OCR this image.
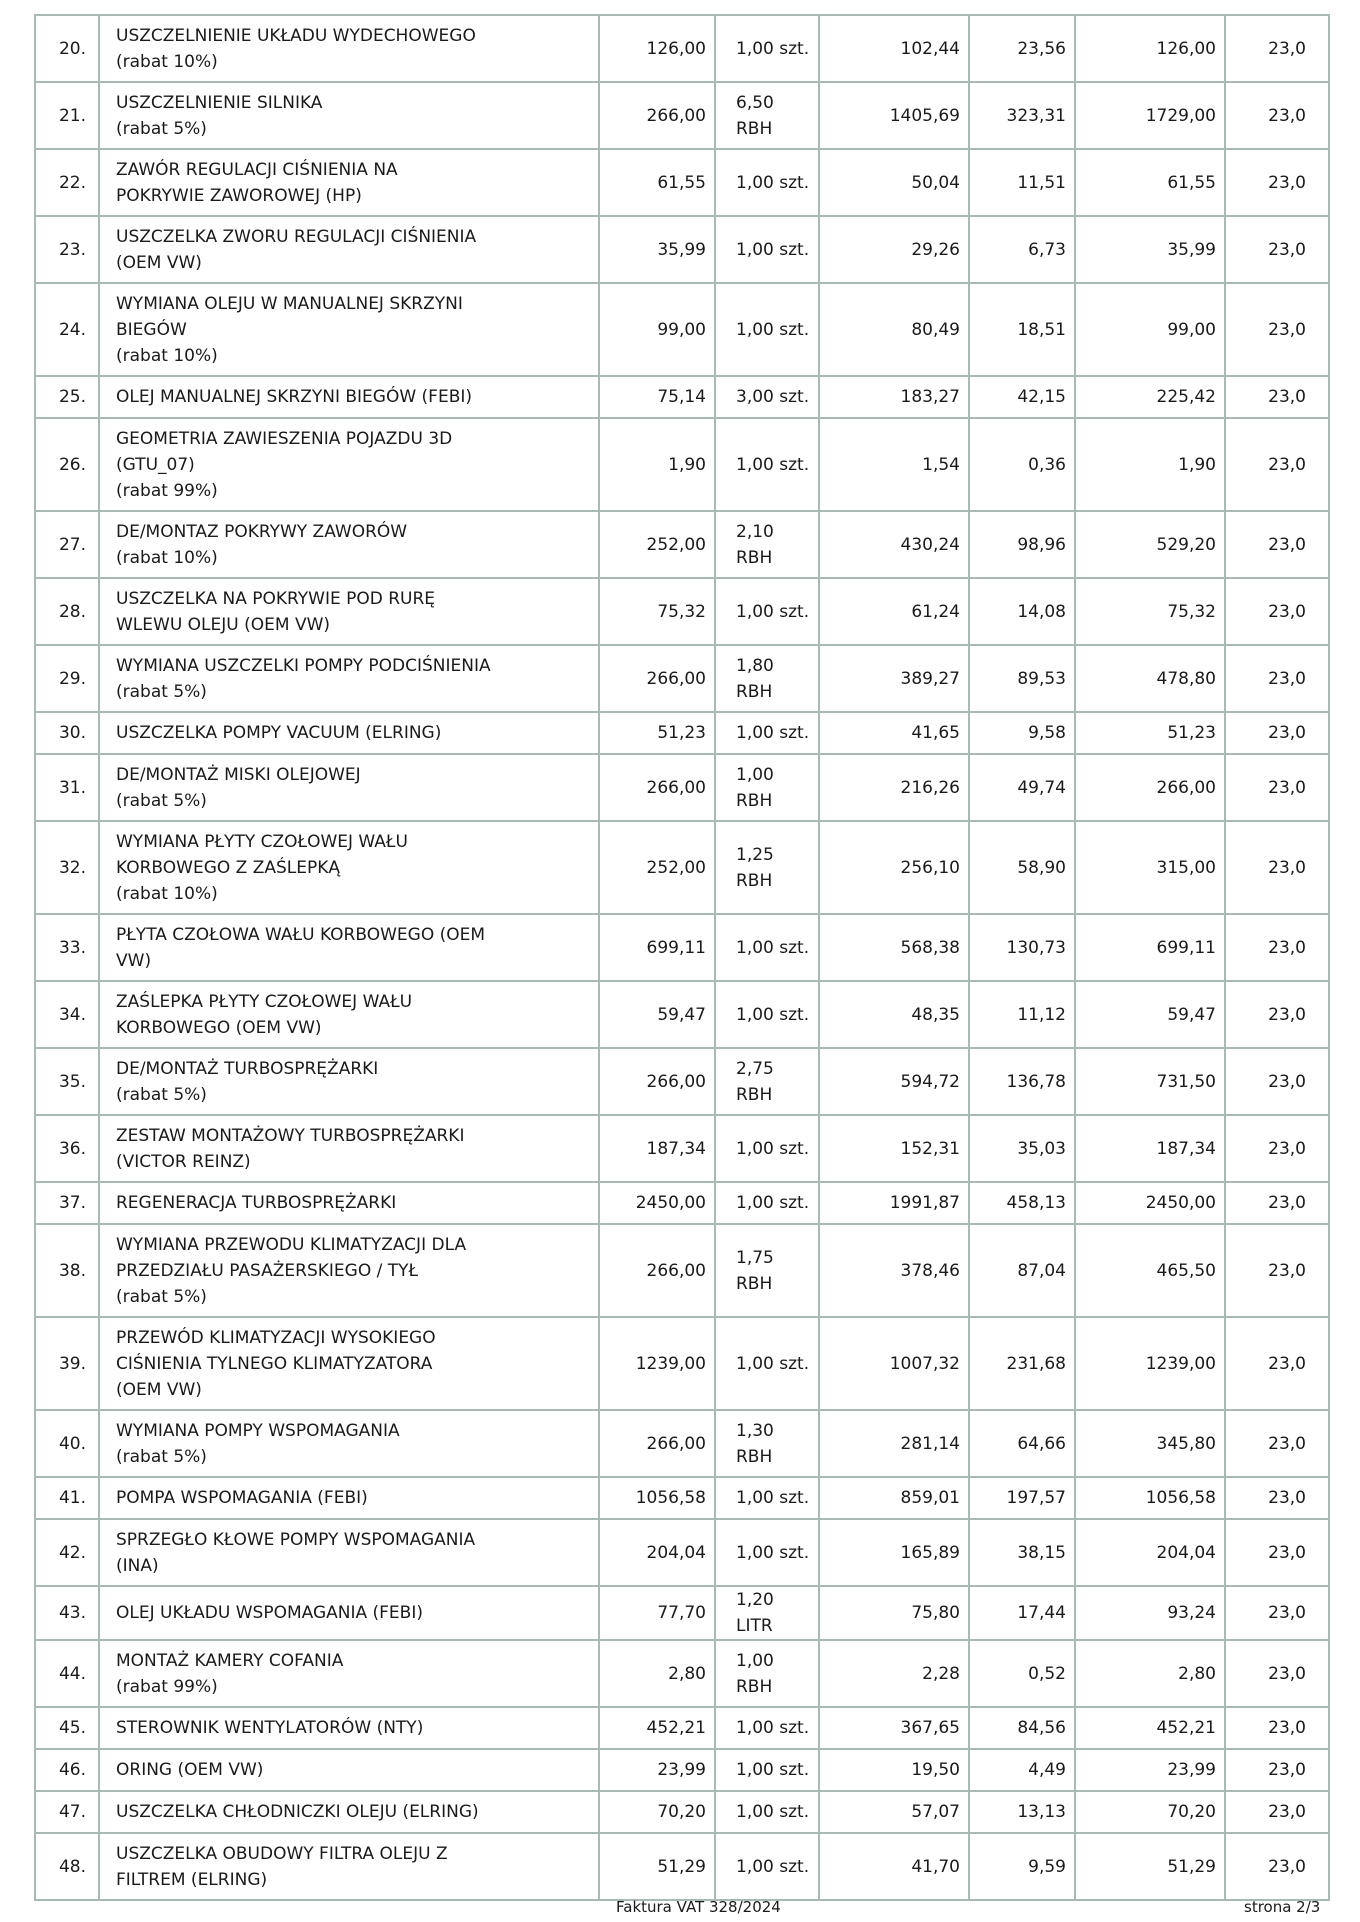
20.	USZCZELNIENIE UKŁADU WYDECHOWEGO
(rabat 10%)	126,00	1,00 szt.	102,44	23,56	126,00	23,0
21.	USZCZELNIENIE SILNIKA
(rabat 5%)	266,00	6,50 RBH	1405,69	323,31	1729,00	23,0
22.	ZAWÓR REGULACJI CIŚNIENIA NA
POKRYWIE ZAWOROWEJ (HP)	61,55	1,00 szt.	50,04	11,51	61,55	23,0
23.	USZCZELKA ZWORU REGULACJI CIŚNIENIA
(OEM VW)	35,99	1,00 szt.	29,26	6,73	35,99	23,0
24.	WYMIANA OLEJU W MANUALNEJ SKRZYNI
BIEGÓW
(rabat 10%)	99,00	1,00 szt.	80,49	18,51	99,00	23,0
25.	OLEJ MANUALNEJ SKRZYNI BIEGÓW (FEBI)	75,14	3,00 szt.	183,27	42,15	225,42	23,0
26.	GEOMETRIA ZAWIESZENIA POJAZDU 3D
(GTU_07)
(rabat 99%)	1,90	1,00 szt.	1,54	0,36	1,90	23,0
27.	DE/MONTAZ POKRYWY ZAWORÓW
(rabat 10%)	252,00	2,10 RBH	430,24	98,96	529,20	23,0
28.	USZCZELKA NA POKRYWIE POD RURĘ
WLEWU OLEJU (OEM VW)	75,32	1,00 szt.	61,24	14,08	75,32	23,0
29.	WYMIANA USZCZELKI POMPY PODCIŚNIENIA
(rabat 5%)	266,00	1,80 RBH	389,27	89,53	478,80	23,0
30.	USZCZELKA POMPY VACUUM (ELRING)	51,23	1,00 szt.	41,65	9,58	51,23	23,0
31.	DE/MONTAŻ MISKI OLEJOWEJ
(rabat 5%)	266,00	1,00 RBH	216,26	49,74	266,00	23,0
32.	WYMIANA PŁYTY CZOŁOWEJ WAŁU
KORBOWEGO Z ZAŚLEPKĄ
(rabat 10%)	252,00	1,25 RBH	256,10	58,90	315,00	23,0
33.	PŁYTA CZOŁOWA WAŁU KORBOWEGO (OEM
VW)	699,11	1,00 szt.	568,38	130,73	699,11	23,0
34.	ZAŚLEPKA PŁYTY CZOŁOWEJ WAŁU
KORBOWEGO (OEM VW)	59,47	1,00 szt.	48,35	11,12	59,47	23,0
35.	DE/MONTAŻ TURBOSPRĘŻARKI
(rabat 5%)	266,00	2,75 RBH	594,72	136,78	731,50	23,0
36.	ZESTAW MONTAŻOWY TURBOSPRĘŻARKI
(VICTOR REINZ)	187,34	1,00 szt.	152,31	35,03	187,34	23,0
37.	REGENERACJA TURBOSPRĘŻARKI	2450,00	1,00 szt.	1991,87	458,13	2450,00	23,0
38.	WYMIANA PRZEWODU KLIMATYZACJI DLA
PRZEDZIAŁU PASAŻERSKIEGO / TYŁ
(rabat 5%)	266,00	1,75 RBH	378,46	87,04	465,50	23,0
39.	PRZEWÓD KLIMATYZACJI WYSOKIEGO
CIŚNIENIA TYLNEGO KLIMATYZATORA
(OEM VW)	1239,00	1,00 szt.	1007,32	231,68	1239,00	23,0
40.	WYMIANA POMPY WSPOMAGANIA
(rabat 5%)	266,00	1,30 RBH	281,14	64,66	345,80	23,0
41.	POMPA WSPOMAGANIA (FEBI)	1056,58	1,00 szt.	859,01	197,57	1056,58	23,0
42.	SPRZEGŁO KŁOWE POMPY WSPOMAGANIA
(INA)	204,04	1,00 szt.	165,89	38,15	204,04	23,0
43.	OLEJ UKŁADU WSPOMAGANIA (FEBI)	77,70	1,20 LITR	75,80	17,44	93,24	23,0
44.	MONTAŻ KAMERY COFANIA
(rabat 99%)	2,80	1,00 RBH	2,28	0,52	2,80	23,0
45.	STEROWNIK WENTYLATORÓW (NTY)	452,21	1,00 szt.	367,65	84,56	452,21	23,0
46.	ORING (OEM VW)	23,99	1,00 szt.	19,50	4,49	23,99	23,0
47.	USZCZELKA CHŁODNICZKI OLEJU (ELRING)	70,20	1,00 szt.	57,07	13,13	70,20	23,0
48.	USZCZELKA OBUDOWY FILTRA OLEJU Z
FILTREM (ELRING)	51,29	1,00 szt.	41,70	9,59	51,29	23,0
Faktura VAT 328/2024	strona 2/3
